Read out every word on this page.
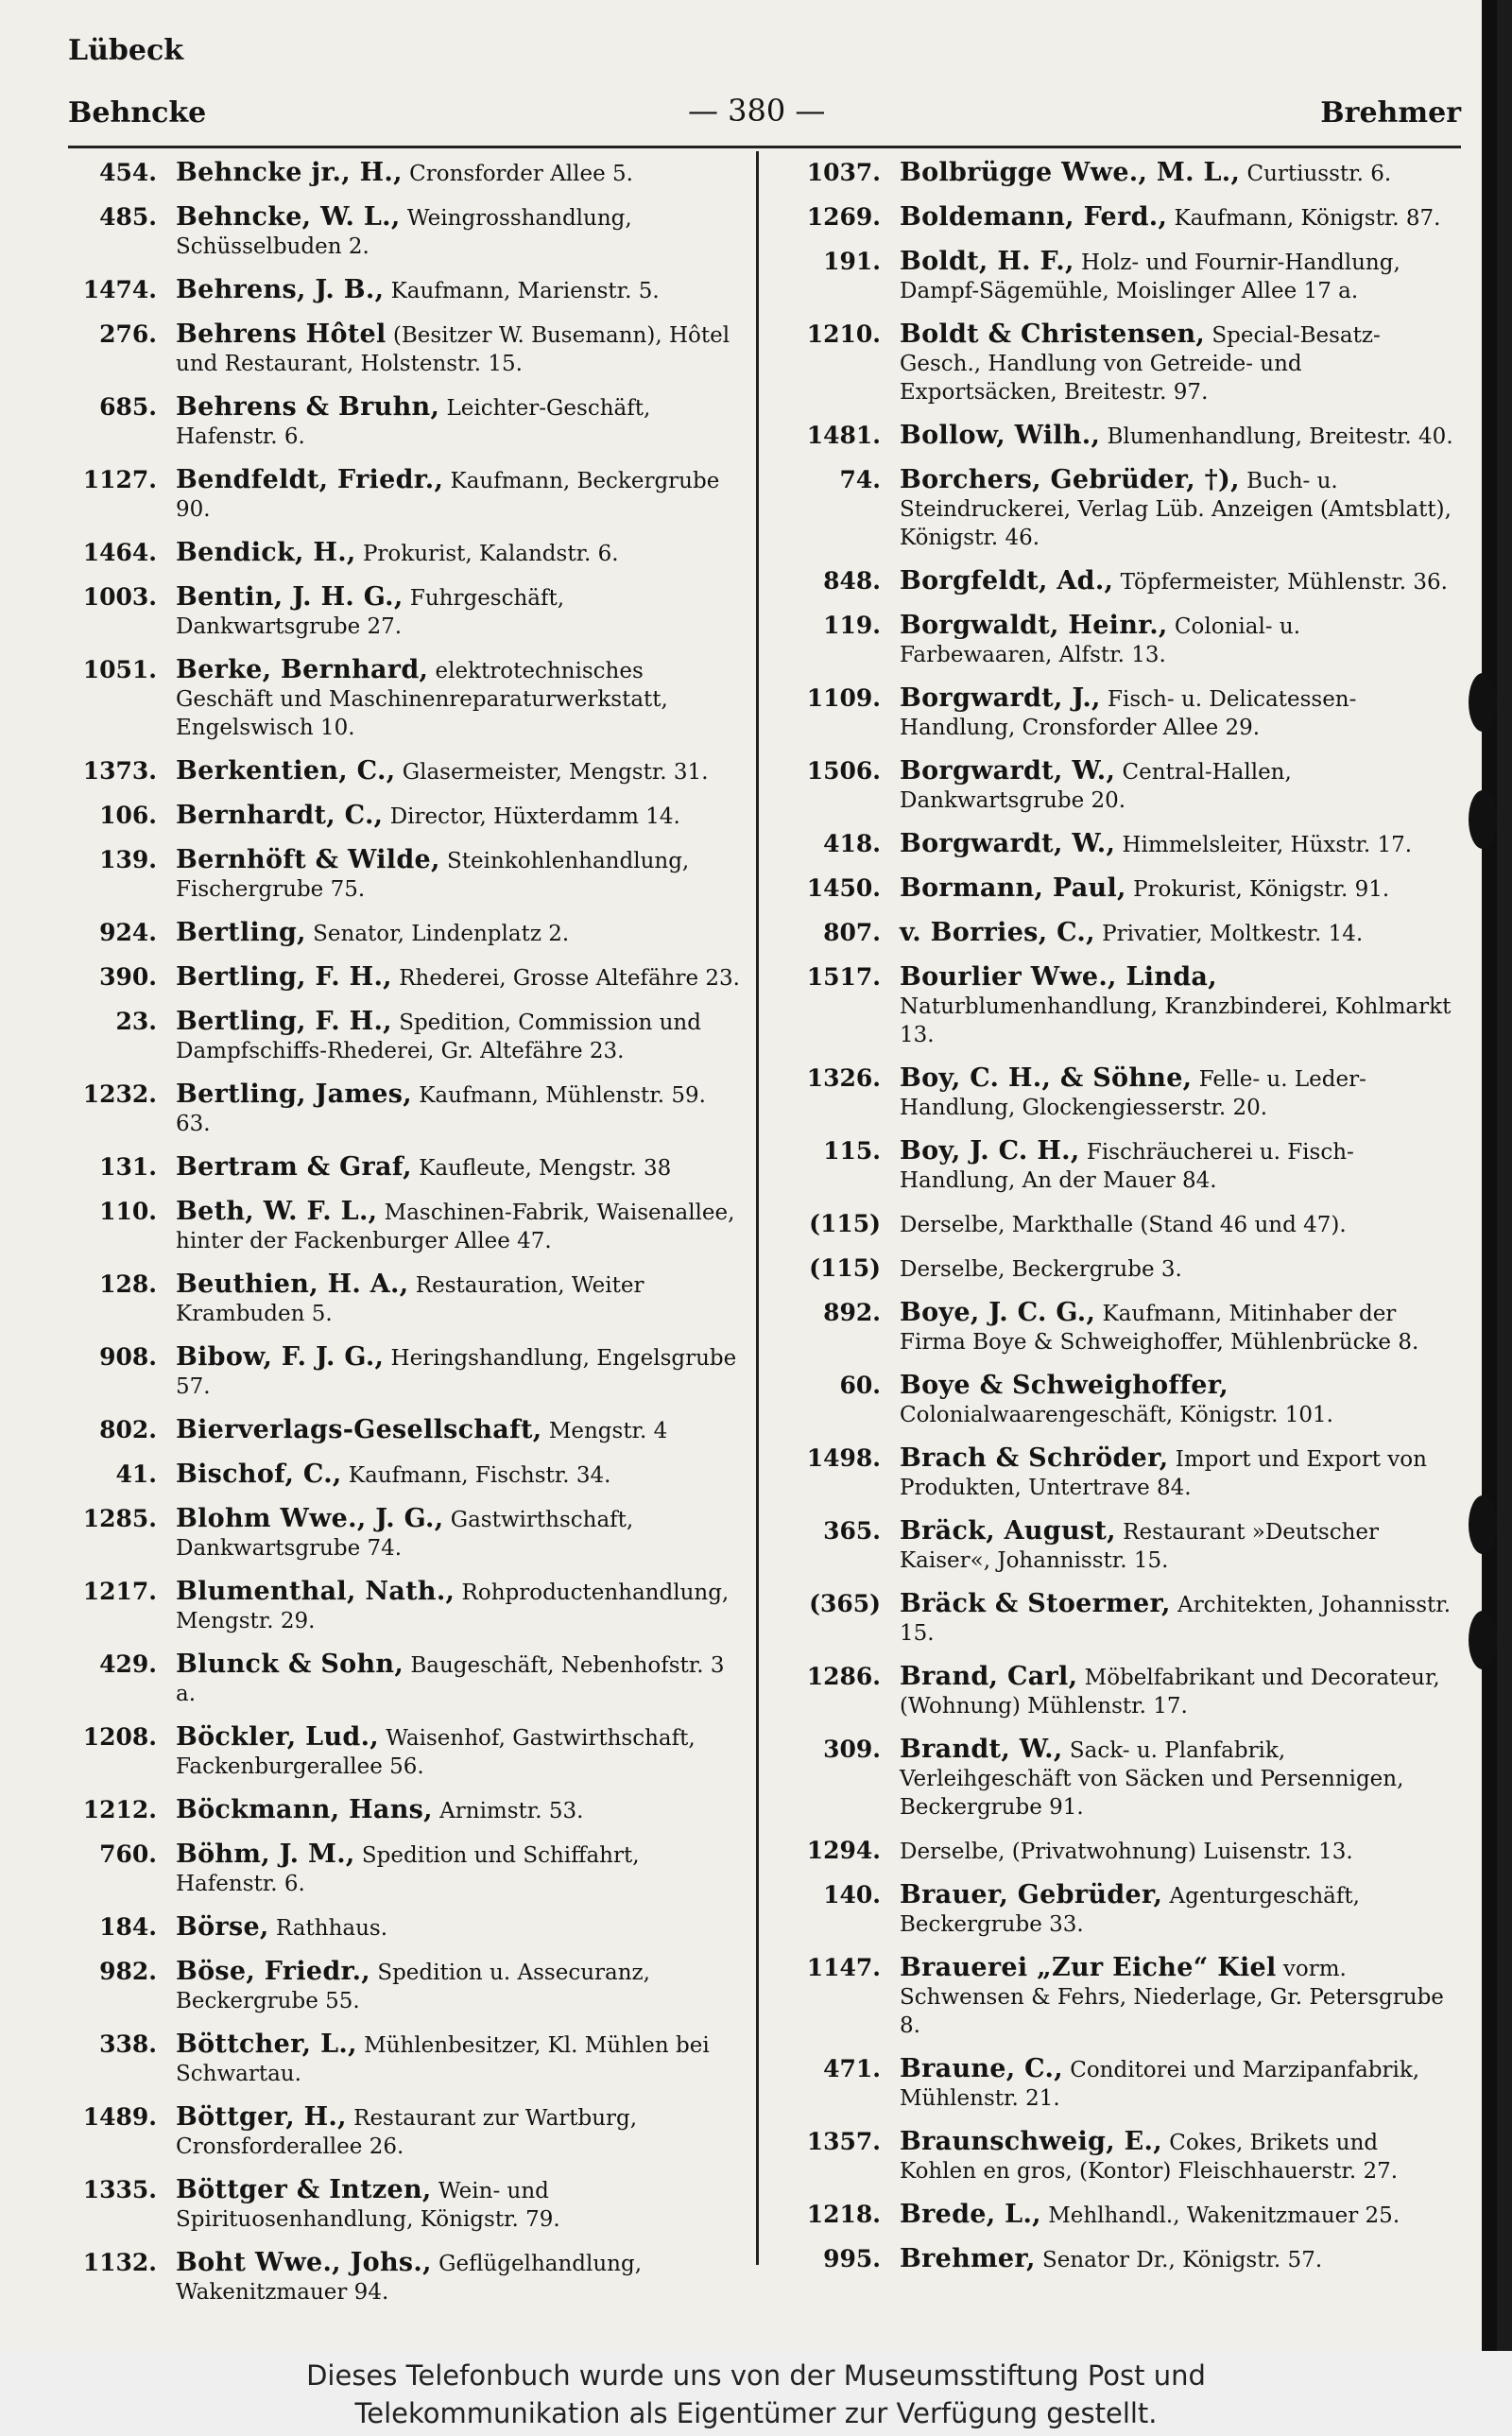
Lübeck
Behncke	— 380 —	Brehmer
454. Behncke jr., H., Cronsforder Allee 5.
485. Behncke, W. L., Weingrosshandlung, Schüsselbuden 2.
1474. Behrens, J. B., Kaufmann, Marienstr. 5.
276. Behrens Hôtel (Besitzer W. Busemann), Hôtel und Restaurant, Holstenstr. 15.
685. Behrens & Bruhn, Leichter-Geschäft, Hafenstr. 6.
1127. Bendfeldt, Friedr., Kaufmann, Beckergrube 90.
1464. Bendick, H., Prokurist, Kalandstr. 6.
1003. Bentin, J. H. G., Fuhrgeschäft, Dankwartsgrube 27.
1051. Berke, Bernhard, elektrotechnisches Geschäft und Maschinenreparaturwerkstatt, Engelswisch 10.
1373. Berkentien, C., Glasermeister, Mengstr. 31.
106. Bernhardt, C., Director, Hüxterdamm 14.
139. Bernhöft & Wilde, Steinkohlenhandlung, Fischergrube 75.
924. Bertling, Senator, Lindenplatz 2.
390. Bertling, F. H., Rhederei, Grosse Altefähre 23.
23. Bertling, F. H., Spedition, Commission und Dampfschiffs-Rhederei, Gr. Altefähre 23.
1232. Bertling, James, Kaufmann, Mühlenstr. 59. 63.
131. Bertram & Graf, Kaufleute, Mengstr. 38
110. Beth, W. F. L., Maschinen-Fabrik, Waisenallee, hinter der Fackenburger Allee 47.
128. Beuthien, H. A., Restauration, Weiter Krambuden 5.
908. Bibow, F. J. G., Heringshandlung, Engelsgrube 57.
802. Bierverlags-Gesellschaft, Mengstr. 4
41. Bischof, C., Kaufmann, Fischstr. 34.
1285. Blohm Wwe., J. G., Gastwirthschaft, Dankwartsgrube 74.
1217. Blumenthal, Nath., Rohproductenhandlung, Mengstr. 29.
429. Blunck & Sohn, Baugeschäft, Nebenhofstr. 3 a.
1208. Böckler, Lud., Waisenhof, Gastwirthschaft, Fackenburgerallee 56.
1212. Böckmann, Hans, Arnimstr. 53.
760. Böhm, J. M., Spedition und Schiffahrt, Hafenstr. 6.
184. Börse, Rathhaus.
982. Böse, Friedr., Spedition u. Assecuranz, Beckergrube 55.
338. Böttcher, L., Mühlenbesitzer, Kl. Mühlen bei Schwartau.
1489. Böttger, H., Restaurant zur Wartburg, Cronsforderallee 26.
1335. Böttger & Intzen, Wein- und Spirituosenhandlung, Königstr. 79.
1132. Boht Wwe., Johs., Geflügelhandlung, Wakenitzmauer 94.
1037. Bolbrügge Wwe., M. L., Curtiusstr. 6.
1269. Boldemann, Ferd., Kaufmann, Königstr. 87.
191. Boldt, H. F., Holz- und Fournir-Handlung, Dampf-Sägemühle, Moislinger Allee 17 a.
1210. Boldt & Christensen, Special-Besatz-Gesch., Handlung von Getreide- und Exportsäcken, Breitestr. 97.
1481. Bollow, Wilh., Blumenhandlung, Breitestr. 40.
74. Borchers, Gebrüder, †), Buch- u. Steindruckerei, Verlag Lüb. Anzeigen (Amtsblatt), Königstr. 46.
848. Borgfeldt, Ad., Töpfermeister, Mühlenstr. 36.
119. Borgwaldt, Heinr., Colonial- u. Farbewaaren, Alfstr. 13.
1109. Borgwardt, J., Fisch- u. Delicatessen-Handlung, Cronsforder Allee 29.
1506. Borgwardt, W., Central-Hallen, Dankwartsgrube 20.
418. Borgwardt, W., Himmelsleiter, Hüxstr. 17.
1450. Bormann, Paul, Prokurist, Königstr. 91.
807. v. Borries, C., Privatier, Moltkestr. 14.
1517. Bourlier Wwe., Linda, Naturblumenhandlung, Kranzbinderei, Kohlmarkt 13.
1326. Boy, C. H., & Söhne, Felle- u. Leder-Handlung, Glockengiesserstr. 20.
115. Boy, J. C. H., Fischräucherei u. Fisch-Handlung, An der Mauer 84.
(115) Derselbe, Markthalle (Stand 46 und 47).
(115) Derselbe, Beckergrube 3.
892. Boye, J. C. G., Kaufmann, Mitinhaber der Firma Boye & Schweighoffer, Mühlenbrücke 8.
60. Boye & Schweighoffer, Colonialwaarengeschäft, Königstr. 101.
1498. Brach & Schröder, Import und Export von Produkten, Untertrave 84.
365. Bräck, August, Restaurant »Deutscher Kaiser«, Johannisstr. 15.
(365) Bräck & Stoermer, Architekten, Johannisstr. 15.
1286. Brand, Carl, Möbelfabrikant und Decorateur, (Wohnung) Mühlenstr. 17.
309. Brandt, W., Sack- u. Planfabrik, Verleihgeschäft von Säcken und Persennigen, Beckergrube 91.
1294. Derselbe, (Privatwohnung) Luisenstr. 13.
140. Brauer, Gebrüder, Agenturgeschäft, Beckergrube 33.
1147. Brauerei „Zur Eiche“ Kiel vorm. Schwensen & Fehrs, Niederlage, Gr. Petersgrube 8.
471. Braune, C., Conditorei und Marzipanfabrik, Mühlenstr. 21.
1357. Braunschweig, E., Cokes, Brikets und Kohlen en gros, (Kontor) Fleischhauerstr. 27.
1218. Brede, L., Mehlhandl., Wakenitzmauer 25.
995. Brehmer, Senator Dr., Königstr. 57.
Dieses Telefonbuch wurde uns von der Museumsstiftung Post und
Telekommunikation als Eigentümer zur Verfügung gestellt.
